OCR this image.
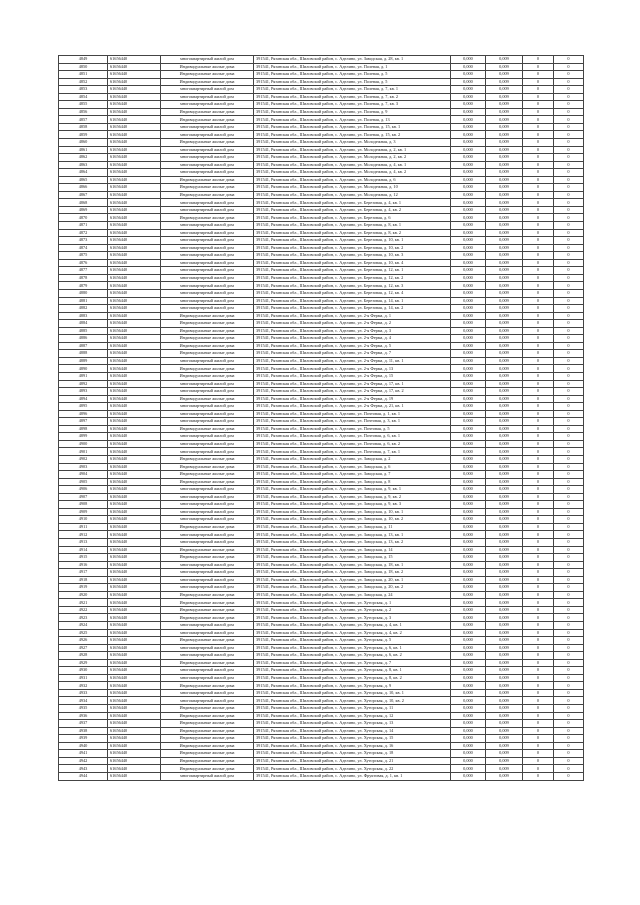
4849	61656440	многоквартирный жилой дом	391541, Рязанская обл., Шиловский район, с. Аделино, ул. Заводская, д. 28, кв. 1	0,000	0,009	0	0
4850	61656440	Индивидуальные жилые дома	391541, Рязанская обл., Шиловский район, с. Аделино, ул. Полевая, д. 1	0,000	0,009	0	0
4851	61656440	Индивидуальные жилые дома	391541, Рязанская обл., Шиловский район, с. Аделино, ул. Полевая, д. 5	0,000	0,009	0	0
4852	61656440	Индивидуальные жилые дома	391541, Рязанская обл., Шиловский район, с. Аделино, ул. Полевая, д. 5	0,000	0,009	0	0
4853	61656440	многоквартирный жилой дом	391541, Рязанская обл., Шиловский район, с. Аделино, ул. Полевая, д. 7, кв. 1	0,000	0,009	0	0
4854	61656440	многоквартирный жилой дом	391541, Рязанская обл., Шиловский район, с. Аделино, ул. Полевая, д. 7, кв. 2	0,000	0,009	0	0
4855	61656440	многоквартирный жилой дом	391541, Рязанская обл., Шиловский район, с. Аделино, ул. Полевая, д. 7, кв. 3	0,000	0,009	0	0
4856	61656440	Индивидуальные жилые дома	391541, Рязанская обл., Шиловский район, с. Аделино, ул. Полевая, д. 9	0,000	0,009	0	0
4857	61656440	Индивидуальные жилые дома	391541, Рязанская обл., Шиловский район, с. Аделино, ул. Полевая, д. 13	0,000	0,009	0	0
4858	61656440	многоквартирный жилой дом	391541, Рязанская обл., Шиловский район, с. Аделино, ул. Полевая, д. 15, кв. 1	0,000	0,009	0	0
4859	61656440	многоквартирный жилой дом	391541, Рязанская обл., Шиловский район, с. Аделино, ул. Полевая, д. 15, кв. 2	0,000	0,009	0	0
4860	61656440	Индивидуальные жилые дома	391541, Рязанская обл., Шиловский район, с. Аделино, ул. Молодежная, д. 3	0,000	0,009	0	0
4861	61656440	многоквартирный жилой дом	391541, Рязанская обл., Шиловский район, с. Аделино, ул. Молодежная, д. 2, кв. 1	0,000	0,009	0	0
4862	61656440	многоквартирный жилой дом	391541, Рязанская обл., Шиловский район, с. Аделино, ул. Молодежная, д. 2, кв. 2	0,000	0,009	0	0
4863	61656440	многоквартирный жилой дом	391541, Рязанская обл., Шиловский район, с. Аделино, ул. Молодежная, д. 4, кв. 1	0,000	0,009	0	0
4864	61656440	многоквартирный жилой дом	391541, Рязанская обл., Шиловский район, с. Аделино, ул. Молодежная, д. 4, кв. 2	0,000	0,009	0	0
4865	61656440	Индивидуальные жилые дома	391541, Рязанская обл., Шиловский район, с. Аделино, ул. Молодежная, д. 6	0,000	0,009	0	0
4866	61656440	Индивидуальные жилые дома	391541, Рязанская обл., Шиловский район, с. Аделино, ул. Молодежная, д. 10	0,000	0,009	0	0
4867	61656440	Индивидуальные жилые дома	391541, Рязанская обл., Шиловский район, с. Аделино, ул. Молодежная, д. 12	0,000	0,009	0	0
4868	61656440	многоквартирный жилой дом	391541, Рязанская обл., Шиловский район, с. Аделино, ул. Березовая, д. 4, кв. 1	0,000	0,009	0	0
4869	61656440	многоквартирный жилой дом	391541, Рязанская обл., Шиловский район, с. Аделино, ул. Березовая, д. 4, кв. 2	0,000	0,009	0	0
4870	61656440	Индивидуальные жилые дома	391541, Рязанская обл., Шиловский район, с. Аделино, ул. Березовая, д. 6	0,000	0,009	0	0
4871	61656440	многоквартирный жилой дом	391541, Рязанская обл., Шиловский район, с. Аделино, ул. Березовая, д. 8, кв. 1	0,000	0,009	0	0
4872	61656440	многоквартирный жилой дом	391541, Рязанская обл., Шиловский район, с. Аделино, ул. Березовая, д. 8, кв. 2	0,000	0,009	0	0
4873	61656440	многоквартирный жилой дом	391541, Рязанская обл., Шиловский район, с. Аделино, ул. Березовая, д. 10, кв. 1	0,000	0,009	0	0
4874	61656440	многоквартирный жилой дом	391541, Рязанская обл., Шиловский район, с. Аделино, ул. Березовая, д. 10, кв. 2	0,000	0,009	0	0
4875	61656440	многоквартирный жилой дом	391541, Рязанская обл., Шиловский район, с. Аделино, ул. Березовая, д. 10, кв. 3	0,000	0,009	0	0
4876	61656440	многоквартирный жилой дом	391541, Рязанская обл., Шиловский район, с. Аделино, ул. Березовая, д. 10, кв. 4	0,000	0,009	0	0
4877	61656440	многоквартирный жилой дом	391541, Рязанская обл., Шиловский район, с. Аделино, ул. Березовая, д. 12, кв. 1	0,000	0,009	0	0
4878	61656440	многоквартирный жилой дом	391541, Рязанская обл., Шиловский район, с. Аделино, ул. Березовая, д. 12, кв. 2	0,000	0,009	0	0
4879	61656440	многоквартирный жилой дом	391541, Рязанская обл., Шиловский район, с. Аделино, ул. Березовая, д. 12, кв. 3	0,000	0,009	0	0
4880	61656440	многоквартирный жилой дом	391541, Рязанская обл., Шиловский район, с. Аделино, ул. Березовая, д. 12, кв. 4	0,000	0,009	0	0
4881	61656440	многоквартирный жилой дом	391541, Рязанская обл., Шиловский район, с. Аделино, ул. Березовая, д. 14, кв. 1	0,000	0,009	0	0
4882	61656440	многоквартирный жилой дом	391541, Рязанская обл., Шиловский район, с. Аделино, ул. Березовая, д. 14, кв. 2	0,000	0,009	0	0
4883	61656440	Индивидуальные жилые дома	391541, Рязанская обл., Шиловский район, с. Аделино, ул. 2-я Ферма, д. 1	0,000	0,009	0	0
4884	61656440	Индивидуальные жилые дома	391541, Рязанская обл., Шиловский район, с. Аделино, ул. 2-я Ферма, д. 2	0,000	0,009	0	0
4885	61656440	Индивидуальные жилые дома	391541, Рязанская обл., Шиловский район, с. Аделино, ул. 2-я Ферма, д. 3	0,000	0,009	0	0
4886	61656440	Индивидуальные жилые дома	391541, Рязанская обл., Шиловский район, с. Аделино, ул. 2-я Ферма, д. 4	0,000	0,009	0	0
4887	61656440	Индивидуальные жилые дома	391541, Рязанская обл., Шиловский район, с. Аделино, ул. 2-я Ферма, д. 5	0,000	0,009	0	0
4888	61656440	Индивидуальные жилые дома	391541, Рязанская обл., Шиловский район, с. Аделино, ул. 2-я Ферма, д. 7	0,000	0,009	0	0
4889	61656440	многоквартирный жилой дом	391541, Рязанская обл., Шиловский район, с. Аделино, ул. 2-я Ферма, д. 11, кв. 1	0,000	0,009	0	0
4890	61656440	Индивидуальные жилые дома	391541, Рязанская обл., Шиловский район, с. Аделино, ул. 2-я Ферма, д. 13	0,000	0,009	0	0
4891	61656440	Индивидуальные жилые дома	391541, Рязанская обл., Шиловский район, с. Аделино, ул. 2-я Ферма, д. 15	0,000	0,009	0	0
4892	61656440	многоквартирный жилой дом	391541, Рязанская обл., Шиловский район, с. Аделино, ул. 2-я Ферма, д. 17, кв. 1	0,000	0,009	0	0
4893	61656440	многоквартирный жилой дом	391541, Рязанская обл., Шиловский район, с. Аделино, ул. 2-я Ферма, д. 17, кв. 2	0,000	0,009	0	0
4894	61656440	Индивидуальные жилые дома	391541, Рязанская обл., Шиловский район, с. Аделино, ул. 2-я Ферма, д. 19	0,000	0,009	0	0
4895	61656440	многоквартирный жилой дом	391541, Рязанская обл., Шиловский район, с. Аделино, ул. 2-я Ферма, д. 21, кв. 1	0,000	0,009	0	0
4896	61656440	многоквартирный жилой дом	391541, Рязанская обл., Шиловский район, с. Аделино, ул. Почтовая, д. 1, кв. 1	0,000	0,009	0	0
4897	61656440	многоквартирный жилой дом	391541, Рязанская обл., Шиловский район, с. Аделино, ул. Почтовая, д. 3, кв. 1	0,000	0,009	0	0
4898	61656440	Индивидуальные жилые дома	391541, Рязанская обл., Шиловский район, с. Аделино, ул. Почтовая, д. 5	0,000	0,009	0	0
4899	61656440	многоквартирный жилой дом	391541, Рязанская обл., Шиловский район, с. Аделино, ул. Почтовая, д. 6, кв. 1	0,000	0,009	0	0
4900	61656440	многоквартирный жилой дом	391541, Рязанская обл., Шиловский район, с. Аделино, ул. Почтовая, д. 6, кв. 2	0,000	0,009	0	0
4901	61656440	многоквартирный жилой дом	391541, Рязанская обл., Шиловский район, с. Аделино, ул. Почтовая, д. 7, кв. 1	0,000	0,009	0	0
4902	61656440	Индивидуальные жилые дома	391541, Рязанская обл., Шиловский район, с. Аделино, ул. Заводская, д. 2	0,000	0,009	0	0
4903	61656440	Индивидуальные жилые дома	391541, Рязанская обл., Шиловский район, с. Аделино, ул. Заводская, д. 6	0,000	0,009	0	0
4904	61656440	Индивидуальные жилые дома	391541, Рязанская обл., Шиловский район, с. Аделино, ул. Заводская, д. 7	0,000	0,009	0	0
4905	61656440	Индивидуальные жилые дома	391541, Рязанская обл., Шиловский район, с. Аделино, ул. Заводская, д. 8	0,000	0,009	0	0
4906	61656440	многоквартирный жилой дом	391541, Рязанская обл., Шиловский район, с. Аделино, ул. Заводская, д. 9, кв. 1	0,000	0,009	0	0
4907	61656440	многоквартирный жилой дом	391541, Рязанская обл., Шиловский район, с. Аделино, ул. Заводская, д. 9, кв. 2	0,000	0,009	0	0
4908	61656440	многоквартирный жилой дом	391541, Рязанская обл., Шиловский район, с. Аделино, ул. Заводская, д. 9, кв. 3	0,000	0,009	0	0
4909	61656440	многоквартирный жилой дом	391541, Рязанская обл., Шиловский район, с. Аделино, ул. Заводская, д. 10, кв. 1	0,000	0,009	0	0
4910	61656440	многоквартирный жилой дом	391541, Рязанская обл., Шиловский район, с. Аделино, ул. Заводская, д. 10, кв. 2	0,000	0,009	0	0
4911	61656440	Индивидуальные жилые дома	391541, Рязанская обл., Шиловский район, с. Аделино, ул. Заводская, д. 11	0,000	0,009	0	0
4912	61656440	многоквартирный жилой дом	391541, Рязанская обл., Шиловский район, с. Аделино, ул. Заводская, д. 13, кв. 1	0,000	0,009	0	0
4913	61656440	многоквартирный жилой дом	391541, Рязанская обл., Шиловский район, с. Аделино, ул. Заводская, д. 13, кв. 2	0,000	0,009	0	0
4914	61656440	Индивидуальные жилые дома	391541, Рязанская обл., Шиловский район, с. Аделино, ул. Заводская, д. 14	0,000	0,009	0	0
4915	61656440	Индивидуальные жилые дома	391541, Рязанская обл., Шиловский район, с. Аделино, ул. Заводская, д. 15	0,000	0,009	0	0
4916	61656440	многоквартирный жилой дом	391541, Рязанская обл., Шиловский район, с. Аделино, ул. Заводская, д. 18, кв. 1	0,000	0,009	0	0
4917	61656440	многоквартирный жилой дом	391541, Рязанская обл., Шиловский район, с. Аделино, ул. Заводская, д. 18, кв. 2	0,000	0,009	0	0
4918	61656440	многоквартирный жилой дом	391541, Рязанская обл., Шиловский район, с. Аделино, ул. Заводская, д. 20, кв. 1	0,000	0,009	0	0
4919	61656440	многоквартирный жилой дом	391541, Рязанская обл., Шиловский район, с. Аделино, ул. Заводская, д. 20, кв. 2	0,000	0,009	0	0
4920	61656440	Индивидуальные жилые дома	391541, Рязанская обл., Шиловский район, с. Аделино, ул. Заводская, д. 24	0,000	0,009	0	0
4921	61656440	Индивидуальные жилые дома	391541, Рязанская обл., Шиловский район, с. Аделино, ул. Хуторская, д. 1	0,000	0,009	0	0
4922	61656440	Индивидуальные жилые дома	391541, Рязанская обл., Шиловский район, с. Аделино, ул. Хуторская, д. 2	0,000	0,009	0	0
4923	61656440	Индивидуальные жилые дома	391541, Рязанская обл., Шиловский район, с. Аделино, ул. Хуторская, д. 3	0,000	0,009	0	0
4924	61656440	многоквартирный жилой дом	391541, Рязанская обл., Шиловский район, с. Аделино, ул. Хуторская, д. 4, кв. 1	0,000	0,009	0	0
4925	61656440	многоквартирный жилой дом	391541, Рязанская обл., Шиловский район, с. Аделино, ул. Хуторская, д. 4, кв. 2	0,000	0,009	0	0
4926	61656440	Индивидуальные жилые дома	391541, Рязанская обл., Шиловский район, с. Аделино, ул. Хуторская, д. 5	0,000	0,009	0	0
4927	61656440	многоквартирный жилой дом	391541, Рязанская обл., Шиловский район, с. Аделино, ул. Хуторская, д. 6, кв. 1	0,000	0,009	0	0
4928	61656440	многоквартирный жилой дом	391541, Рязанская обл., Шиловский район, с. Аделино, ул. Хуторская, д. 6, кв. 2	0,000	0,009	0	0
4929	61656440	Индивидуальные жилые дома	391541, Рязанская обл., Шиловский район, с. Аделино, ул. Хуторская, д. 7	0,000	0,009	0	0
4930	61656440	многоквартирный жилой дом	391541, Рязанская обл., Шиловский район, с. Аделино, ул. Хуторская, д. 8, кв. 1	0,000	0,009	0	0
4931	61656440	многоквартирный жилой дом	391541, Рязанская обл., Шиловский район, с. Аделино, ул. Хуторская, д. 8, кв. 2	0,000	0,009	0	0
4932	61656440	Индивидуальные жилые дома	391541, Рязанская обл., Шиловский район, с. Аделино, ул. Хуторская, д. 9	0,000	0,009	0	0
4933	61656440	многоквартирный жилой дом	391541, Рязанская обл., Шиловский район, с. Аделино, ул. Хуторская, д. 10, кв. 1	0,000	0,009	0	0
4934	61656440	многоквартирный жилой дом	391541, Рязанская обл., Шиловский район, с. Аделино, ул. Хуторская, д. 10, кв. 2	0,000	0,009	0	0
4935	61656440	Индивидуальные жилые дома	391541, Рязанская обл., Шиловский район, с. Аделино, ул. Хуторская, д. 11	0,000	0,009	0	0
4936	61656440	Индивидуальные жилые дома	391541, Рязанская обл., Шиловский район, с. Аделино, ул. Хуторская, д. 12	0,000	0,009	0	0
4937	61656440	Индивидуальные жилые дома	391541, Рязанская обл., Шиловский район, с. Аделино, ул. Хуторская, д. 13	0,000	0,009	0	0
4938	61656440	Индивидуальные жилые дома	391541, Рязанская обл., Шиловский район, с. Аделино, ул. Хуторская, д. 14	0,000	0,009	0	0
4939	61656440	Индивидуальные жилые дома	391541, Рязанская обл., Шиловский район, с. Аделино, ул. Хуторская, д. 15	0,000	0,009	0	0
4940	61656440	Индивидуальные жилые дома	391541, Рязанская обл., Шиловский район, с. Аделино, ул. Хуторская, д. 16	0,000	0,009	0	0
4941	61656440	Индивидуальные жилые дома	391541, Рязанская обл., Шиловский район, с. Аделино, ул. Хуторская, д. 18	0,000	0,009	0	0
4942	61656440	Индивидуальные жилые дома	391541, Рязанская обл., Шиловский район, с. Аделино, ул. Хуторская, д. 21	0,000	0,009	0	0
4943	61656440	Индивидуальные жилые дома	391541, Рязанская обл., Шиловский район, с. Аделино, ул. Хуторская, д. 22	0,000	0,009	0	0
4944	61656440	многоквартирный жилой дом	391541, Рязанская обл., Шиловский район, с. Аделино, ул. Фруктовая, д. 1, кв. 1	0,000	0,009	0	0
